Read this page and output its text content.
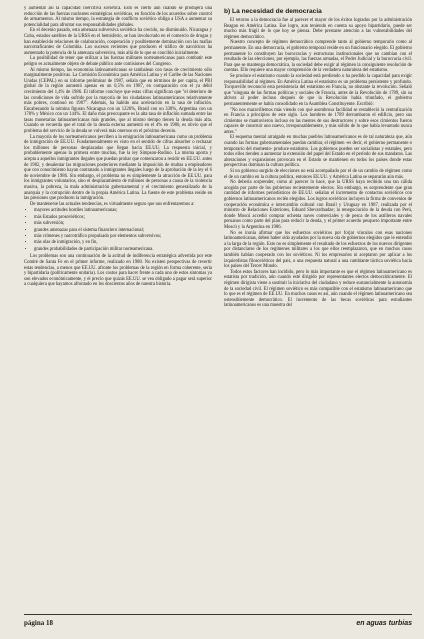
y aumentar así la capacidad coercitiva soviética. Esto es cierto aún cuando se produjera una reducción de las fuerzas nucleares estratégicas soviéticas, en función de los acuerdos sobre control de armamentos. Al mismo tiempo, la estrategia de conflicto soviético obliga a USA a aumentar su potencialidad para afrontar sus responsabilidades globales.

En el decenio pasado, esta amenaza subversiva soviética ha crecido, no disminuido. Nicaragua y Cuba, estados satélites de la URSS en el hemisferio, se han involucrado en el comercio de drogas y han establecido relaciones de colaboración, cooperación y posiblemente dominación con las mafias narcotraficantes de Colombia. Los sucesos recientes que producen el tráfico de narcóticos ha aumentado la potencia de la amenaza subversiva, más allá de lo que se concibió inicialmente.

La posibilidad de tener que utilizar a las fuerzas militares norteamericanas para combatir este peligro es actualmente objeto de debate público ante comisiones del Congreso.

Al mismo tiempo, las economías latinoamericanas se tambalean con tasas de crecimiento sólo marginalmente positivas. La Comisión Económica para América Latina y el Caribe de las Naciones Unidas (CEPAL) en su informe preliminar de 1987, señala que en términos de per capita, el PBI global de la región aumentó apenas en un 0,5% en 1987, en comparación con el ya débil crecimiento del 1,4% de 1986. El informe concluye que estas cifras significan que "el deterioro de las condiciones de vida sufrido por la mayoría de los ciudadanos latinoamericanos relativamente más pobres, continuó en 1987". Además, ha habido una aceleración en la tasa de inflación. Encabezando la nómina figuran Nicaragua con un 1226%, Brasil con un 338%, Argentina con un 178% y México con un 144%. El daño más preocupante es la alta tasa de inflación sumada entre las tasas monetarias latinoamericanas más grandes, que al mismo tiempo tienen la deuda más alta. Cuando se recuerda que el total de la deuda externa aumentó en el 4% en 1986, es obvio que el problema del servicio de la deuda se volverá más oneroso en el próximo decenio.

La mayoría de los norteamericanos perciben a la emigración latinoamericana como un problema de inmigración de EE.UU. Fundamentalmente es visto en el sentido de cifras absorber o rechazar los millones de personas desplazadas que llegan hacia EE.UU. La respuesta inicial, y probablemente apenas la primera entre muchas, fue la ley Simpson-Rodino. La misma aporta y acepta a aquellos inmigrantes ilegales que puedan probar que comenzaron a residir en EE.UU. antes de 1982, y desalentar las migraciones posteriores mediante la imposición de multas a empleadores que con conocimiento hayan contratado a inmigrantes ilegales luego de la aprobación de la ley el 6 de noviembre de 1986. Sin embargo, el problema no es simplemente la atracción de EE.UU. para los inmigrantes voluntarios, sino el desplazamiento de millones de personas a causa de la violencia masiva, la pobreza, la mala administración gubernamental y el crecimiento generalizado de la anarquía y la corrupción dentro de la propia América Latina. La fuente de este problema reside en las presiones que producen la inmigración.

De mantenerse las actuales tendencias, es virtualmente seguro que nos enfrentaremos a:

• mayores actitudes hostiles latinoamericanas;
• más Estados prosoviéticos;
• más subversión;
• grandes amenazas para el sistema financiero internacional;
• más crímenes y narcotráfico propulsado por elementos subversivos;
• más olas de inmigración, y en fin,
• grandes probabilidades de participación militar norteamericana.

Los problemas son una continuación de la actitud de indiferencia estratégica advertida por este Comité de Santa Fe en el primer informe, realizado en 1980. No existen perspectivas de revertir estas tendencias, a menos que EE.UU. afronte los problemas de la región en forma coherente, seria y bipartidaria (políticamente unitaria). Los costos para hacer frente a cada uno de estos síntomas ya son elevados económicamente, y el precio que quizás EE.UU. se vea obligado a pagar será superior a cualquiera que hayamos afrontado en los doscientos años de nuestra historia.

b) La necesidad de democracia

El retorno a la democracia fue al parecer el mayor de los éxitos logrados por la administración Reagan en América Latina. Ese logro, aun teniendo en cuenta su apoyo bipartidario, puede ser mucho más frágil de lo que hoy se piensa. Debe prestarse atención a las vulnerabilidades del régimen democrático.

Nuestro concepto de régimen democrático comprende tanto al gobierno temporario como al permanente. En una democracia, el gobierno temporal reside en un funcionario elegido. El gobierno permanente lo constituyen las burocracias y estructuras institucionales que no cambian con el resultado de las elecciones, por ejemplo, las fuerzas armadas, el Poder Judicial y la burocracia civil. Para que se mantenga democrática, la sociedad debe exigir al régimen la consiguiente resolución de cuentas. Ello requiere una mayor comprensión de la verdadera naturaleza del estatismo.

Se produce el estatismo cuando la sociedad está perdiendo o ha perdido la capacidad para exigir responsabilidad al régimen. En América Latina el estatismo es un problema persistente y profundo. Tocqueville reconoció esta persistencia del estatismo en Francia, no obstante la revolución. Señaló que "ninguna de las formas políticas y sociales de Francia, antes de la Revolución de 1789, sin su altivez al poder incluso después de que la Revolución había triunfado, el gobierno permanentemente se había consolidado en la Asamblea Constituyente. Escribió:

"No nos maravillemos más viendo con qué asombrosa facilidad se restableció la centralización en Francia a principios de este siglo. Los hombres de 1789 derrumbaron el edificio, pero sus cimientos se mantuvieron incluso en las mentes de sus destructores y sobre esos cimientos fueron capaces de construir uno nuevo, irresponsablemente, y más sólido de lo que había levantado nunca antes."

El esquema mental arraigado en muchas pueblos latinoamericanos es de tal naturaleza que, aún cuando las formas gubernamentales puedan cambiar, el régimen -es decir, el gobierno permanente o temporario del momento- produce estatismo. Los gobiernos pueden ser socialistas y estatales, pero todos ellos tienden a aumentar la extensión del papel del Estado en el período de sus mandatos. Las alteraciones y expansiones provocan en el Estado se mantienen en todos los países donde estas perspectivas dominan la cultura política.

Si un gobierno surgido de elecciones no está acompañado por el de un cambio de régimen como el de un cambio en la cultura política, entonces EE.UU. y América Latina se separarán aún más.

No debería sorprender, como al parecer lo hace, que la URSS haya recibido una tan cálida acogida por parte de los gobiernos recientemente electos. Sin embargo, es sorprendente que gran cantidad de informes periodísticos de EE.UU. señalan el incremento de contactos soviéticos con gobiernos latinoamericanos recién elegidos. Los logros soviéticos incluyen la firma de convenios de cooperación económica e intercambio cultural con Brasil y Uruguay en 1987, realizada por el ministro de Relaciones Exteriores, Eduard Shevardnadze; la renegociación de la deuda con Perú, donde Moscú accedió comprar ochenta naves comerciales y de pesca de los astilleros navales peruanos como parte del plan para reducir la deuda, y el primer acuerdo pesquero importante entre Moscú y la Argentina en 1986.

No es ironía afirmar que los esfuerzos soviéticos por forjar vínculos con esas naciones latinoamericanas, deben haber sido ayudados por la nueva ola de gobiernos elegidos que le entendió a la larga de la región. Esto no es simplemente el resultado de los esfuerzos de los nuevos dirigentes por distanciarse de los regímenes militares a los que ellos reemplazaron, que en muchos casos también habían cooperado con los soviéticos. Ni los empresarios ni aceptaron por aplicar a los izquierdistas filosoviéticos del país, o una respuesta natural a una cambiante táctica soviética hacia los países del Tercer Mundo.

Todos estos factores han incidido, pero lo más importante es que el régimen latinoamericano es estatista por tradición, aún cuando esté dirigido por representantes electos democráticamente. El régimen dirigista viene a sustituir la iniciativa del ciudadano y reduce sustancialmente la autonomía de la sociedad civil. El régimen soviético es más compatible con el estatismo latinoamericano que lo que es el régimen de EE.UU. En muchos casos es así, aún cuando el régimen latinoamericano sea ostensiblemente democrático. El incremento de las becas soviéticas para estudiantes latinoamericanos es una muestra del

página 18	en aguas turbias
